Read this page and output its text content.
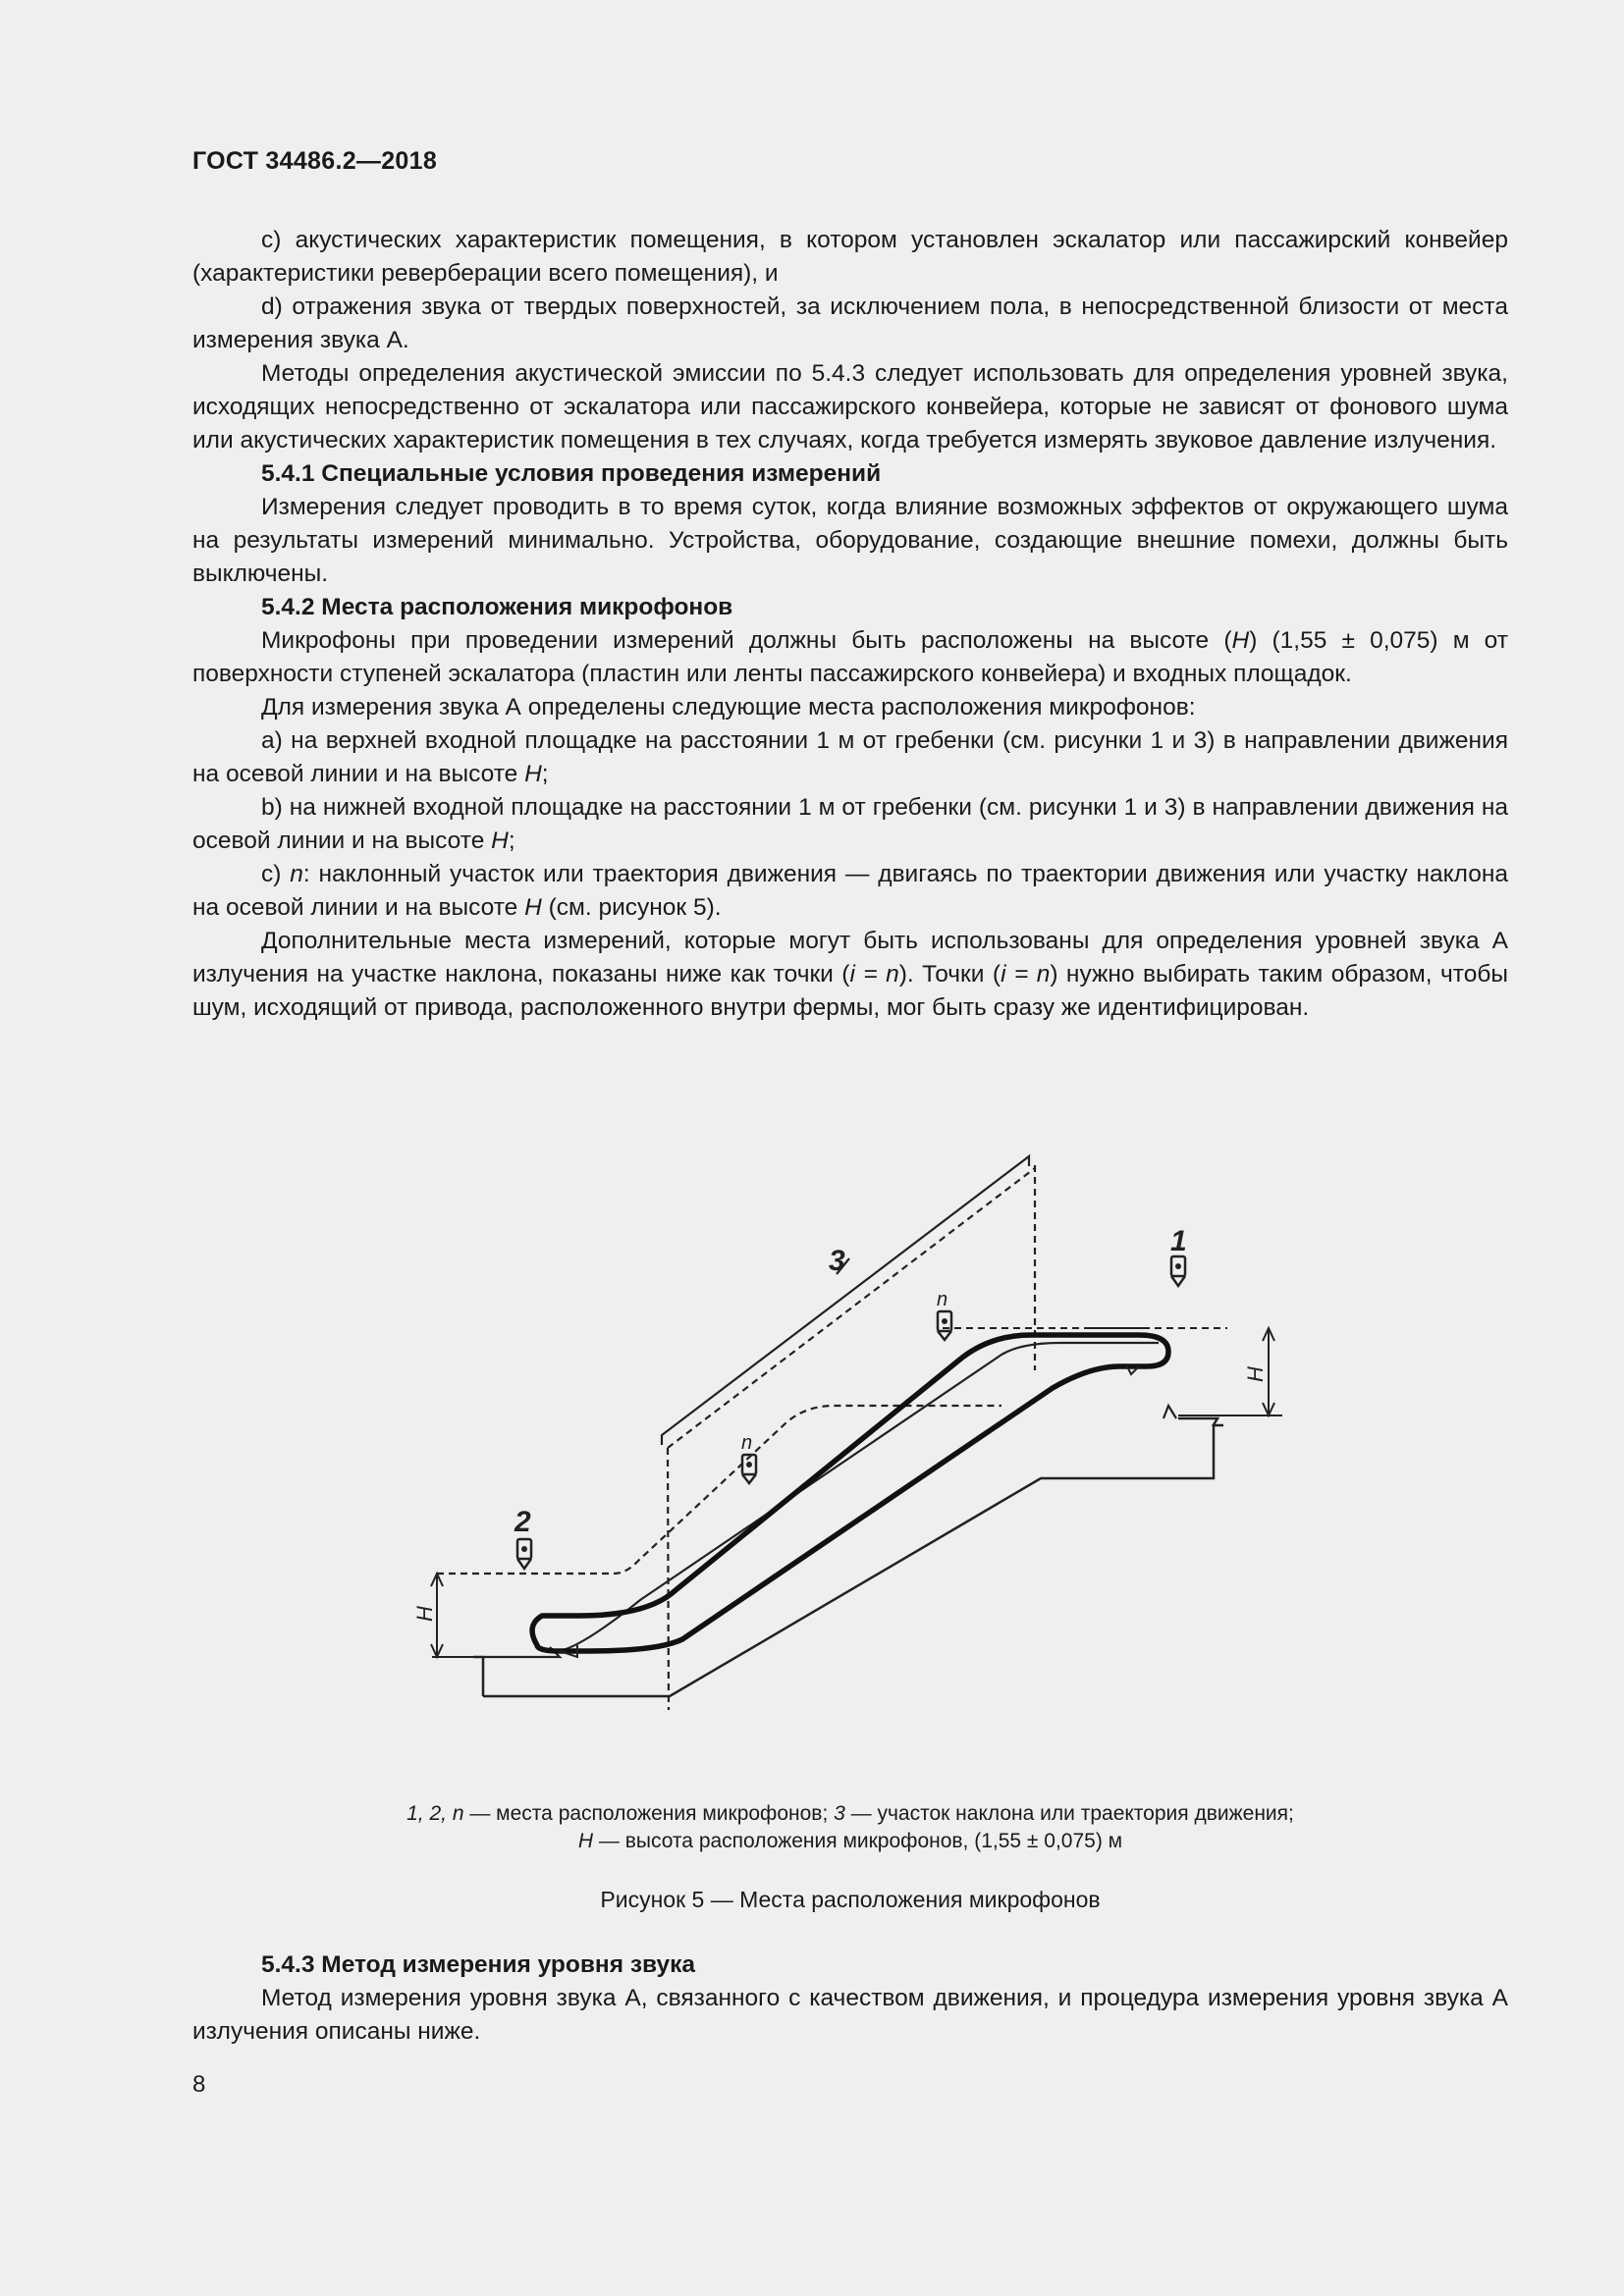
ГОСТ 34486.2—2018

c) акустических характеристик помещения, в котором установлен эскалатор или пассажирский конвейер (характеристики реверберации всего помещения), и

d) отражения звука от твердых поверхностей, за исключением пола, в непосредственной близости от места измерения звука А.

Методы определения акустической эмиссии по 5.4.3 следует использовать для определения уровней звука, исходящих непосредственно от эскалатора или пассажирского конвейера, которые не зависят от фонового шума или акустических характеристик помещения в тех случаях, когда требуется измерять звуковое давление излучения.

5.4.1 Специальные условия проведения измерений

Измерения следует проводить в то время суток, когда влияние возможных эффектов от окружающего шума на результаты измерений минимально. Устройства, оборудование, создающие внешние помехи, должны быть выключены.

5.4.2 Места расположения микрофонов

Микрофоны при проведении измерений должны быть расположены на высоте (H) (1,55 ± 0,075) м от поверхности ступеней эскалатора (пластин или ленты пассажирского конвейера) и входных площадок.

Для измерения звука А определены следующие места расположения микрофонов:

a) на верхней входной площадке на расстоянии 1 м от гребенки (см. рисунки 1 и 3) в направлении движения на осевой линии и на высоте H;

b) на нижней входной площадке на расстоянии 1 м от гребенки (см. рисунки 1 и 3) в направлении движения на осевой линии и на высоте H;

c) n: наклонный участок или траектория движения — двигаясь по траектории движения или участку наклона на осевой линии и на высоте H (см. рисунок 5).

Дополнительные места измерений, которые могут быть использованы для определения уровней звука А излучения на участке наклона, показаны ниже как точки (i = n). Точки (i = n) нужно выбирать таким образом, чтобы шум, исходящий от привода, расположенного внутри фермы, мог быть сразу же идентифицирован.

3
1
n
n
2
H
H
1, 2, n — места расположения микрофонов; 3 — участок наклона или траектория движения;
H — высота расположения микрофонов, (1,55 ± 0,075) м
Рисунок 5 — Места расположения микрофонов
5.4.3 Метод измерения уровня звука

Метод измерения уровня звука А, связанного с качеством движения, и процедура измерения уровня звука А излучения описаны ниже.

8
